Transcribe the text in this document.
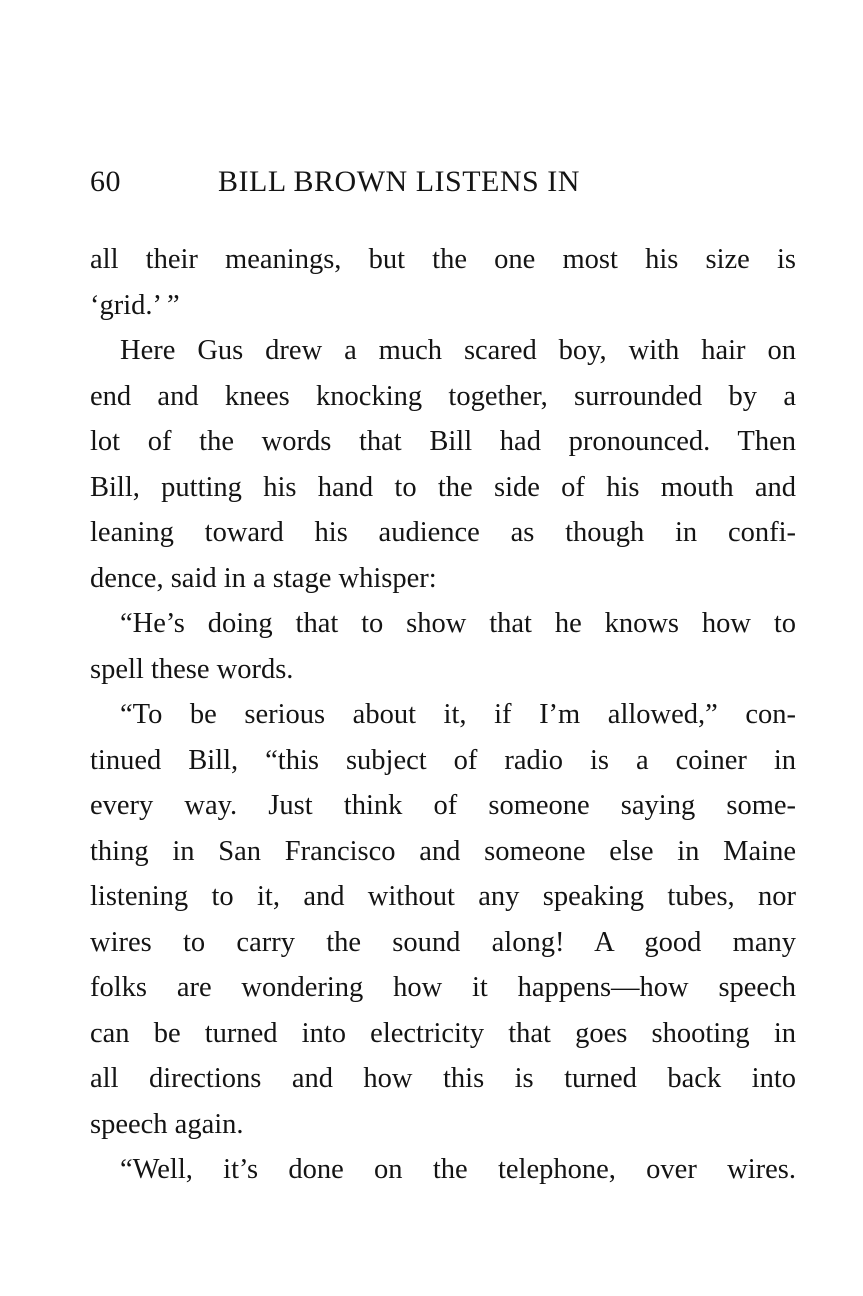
60	BILL BROWN LISTENS IN
all their meanings, but the one most his size is
‘grid.’ ”
Here Gus drew a much scared boy, with hair on
end and knees knocking together, surrounded by a
lot of the words that Bill had pronounced. Then
Bill, putting his hand to the side of his mouth and
leaning toward his audience as though in confi-
dence, said in a stage whisper:
“He’s doing that to show that he knows how to
spell these words.
“To be serious about it, if I’m allowed,” con-
tinued Bill, “this subject of radio is a coiner in
every way. Just think of someone saying some-
thing in San Francisco and someone else in Maine
listening to it, and without any speaking tubes, nor
wires to carry the sound along! A good many
folks are wondering how it happens—how speech
can be turned into electricity that goes shooting in
all directions and how this is turned back into
speech again.
“Well, it’s done on the telephone, over wires.
